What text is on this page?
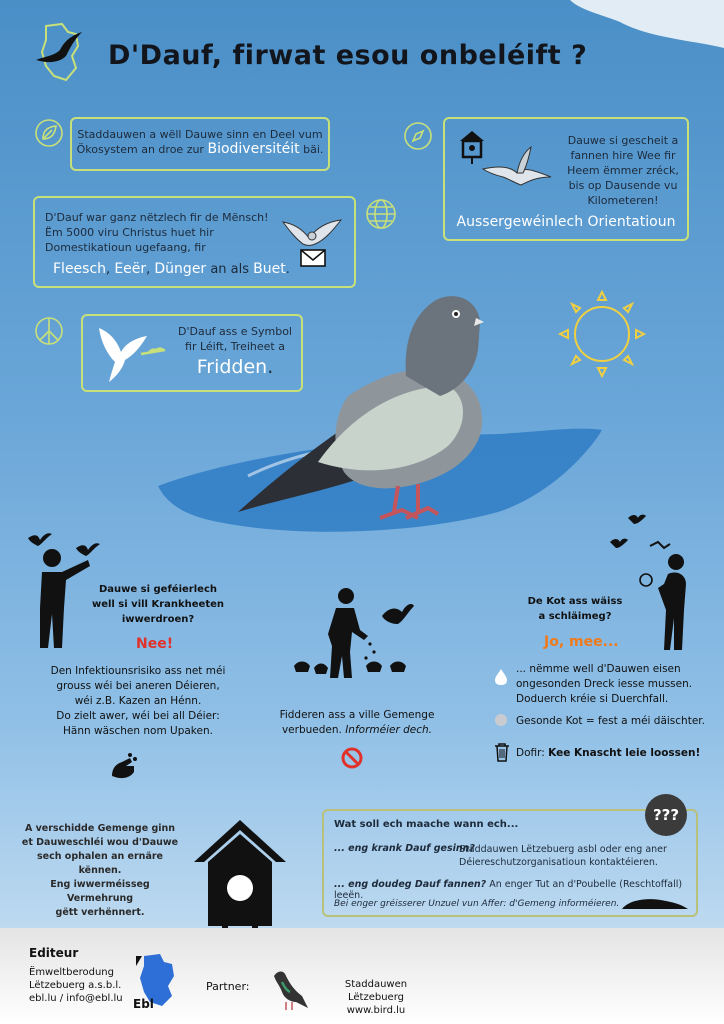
D'Dauf, firwat esou onbeléift ?
Staddauwen a wëll Dauwe sinn en Deel vum
Ökosystem an droe zur Biodiversitéit bäi.
Dauwe si gescheit a
fannen hire Wee fir
Heem ëmmer zréck,
bis op Dausende vu
Kilometeren!
Aussergewéinlech Orientatioun
D'Dauf war ganz nëtzlech fir de Mënsch!
Ëm 5000 viru Christus huet hir
Domestikatioun ugefaang, fir
Fleesch, Eeër, Dünger an als Buet.
D'Dauf ass e Symbol
fir Léift, Treiheet a
Fridden.
Dauwe si geféierlech
well si vill Krankheeten
iwwerdroen?
Nee!
Den Infektiounsrisiko ass net méi
grouss wéi bei aneren Déieren,
wéi z.B. Kazen an Hénn.
Do zielt awer, wéi bei all Déier:
Hänn wäschen nom Upaken.
Fidderen ass a ville Gemenge
verbueden. Informéier dech.
De Kot ass wäiss
a schläimeg?
Jo, mee...
... nëmme well d'Dauwen eisen
ongesonden Dreck iesse mussen.
Doduerch kréie si Duerchfall.
Gesonde Kot = fest a méi däischter.
Dofir: Kee Knascht leie loossen!
A verschidde Gemenge ginn
et Dauweschléi wou d'Dauwe
sech ophalen an ernäre kënnen.
Eng iwwerméisseg Vermehrung
gëtt verhënnert.
Wat soll ech maache wann ech...
... eng krank Dauf gesinn?
Staddauwen Lëtzebuerg asbl oder eng aner
Déiereschutzorganisatioun kontaktéieren.
... eng doudeg Dauf fannen? An enger Tut an d'Poubelle (Reschtoffall) leeën.
Bei enger gréisserer Unzuel vun Affer: d'Gemeng informéieren.
???
Editeur
Ëmweltberodung
Lëtzebuerg a.s.b.l.
ebl.lu / info@ebl.lu Ebl
Partner:	Staddauwen Lëtzebuerg
www.bird.lu
